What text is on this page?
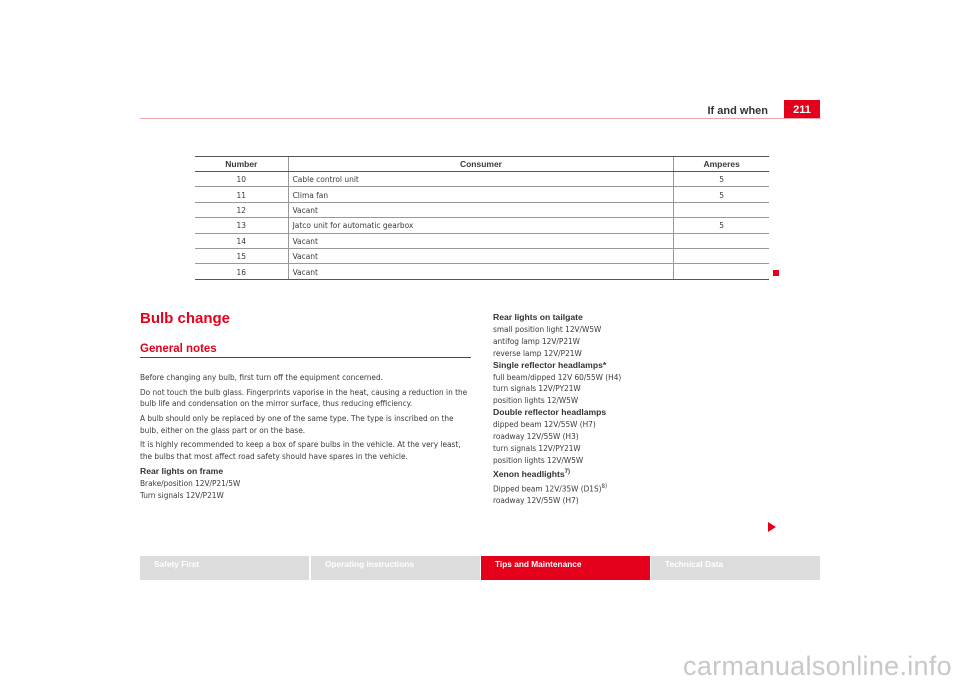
If and when	211
Number	Consumer	Amperes
10	Cable control unit	5
11	Clima fan	5
12	Vacant	
13	Jatco unit for automatic gearbox	5
14	Vacant	
15	Vacant	
16	Vacant	
Bulb change
General notes

Before changing any bulb, first turn off the equipment concerned.

Do not touch the bulb glass. Fingerprints vaporise in the heat, causing a reduction in the bulb life and condensation on the mirror surface, thus reducing efficiency.

A bulb should only be replaced by one of the same type. The type is inscribed on the bulb, either on the glass part or on the base.

It is highly recommended to keep a box of spare bulbs in the vehicle. At the very least, the bulbs that most affect road safety should have spares in the vehicle.

Rear lights on frame
Brake/position 12V/P21/5W
Turn signals 12V/P21W
Rear lights on tailgate
small position light 12V/W5W
antifog lamp 12V/P21W
reverse lamp 12V/P21W
Single reflector headlamps*
full beam/dipped 12V 60/55W (H4)
turn signals 12V/PY21W
position lights 12/W5W
Double reflector headlamps
dipped beam 12V/55W (H7)
roadway 12V/55W (H3)
turn signals 12V/PY21W
position lights 12V/W5W
Xenon headlights$^{7)}$
Dipped beam 12V/35W $(D1S)^{8)}$
roadway 12V/55W (H7)
Safety First	Operating instructions	Tips and Maintenance	Technical Data
carmanualsonline.info
